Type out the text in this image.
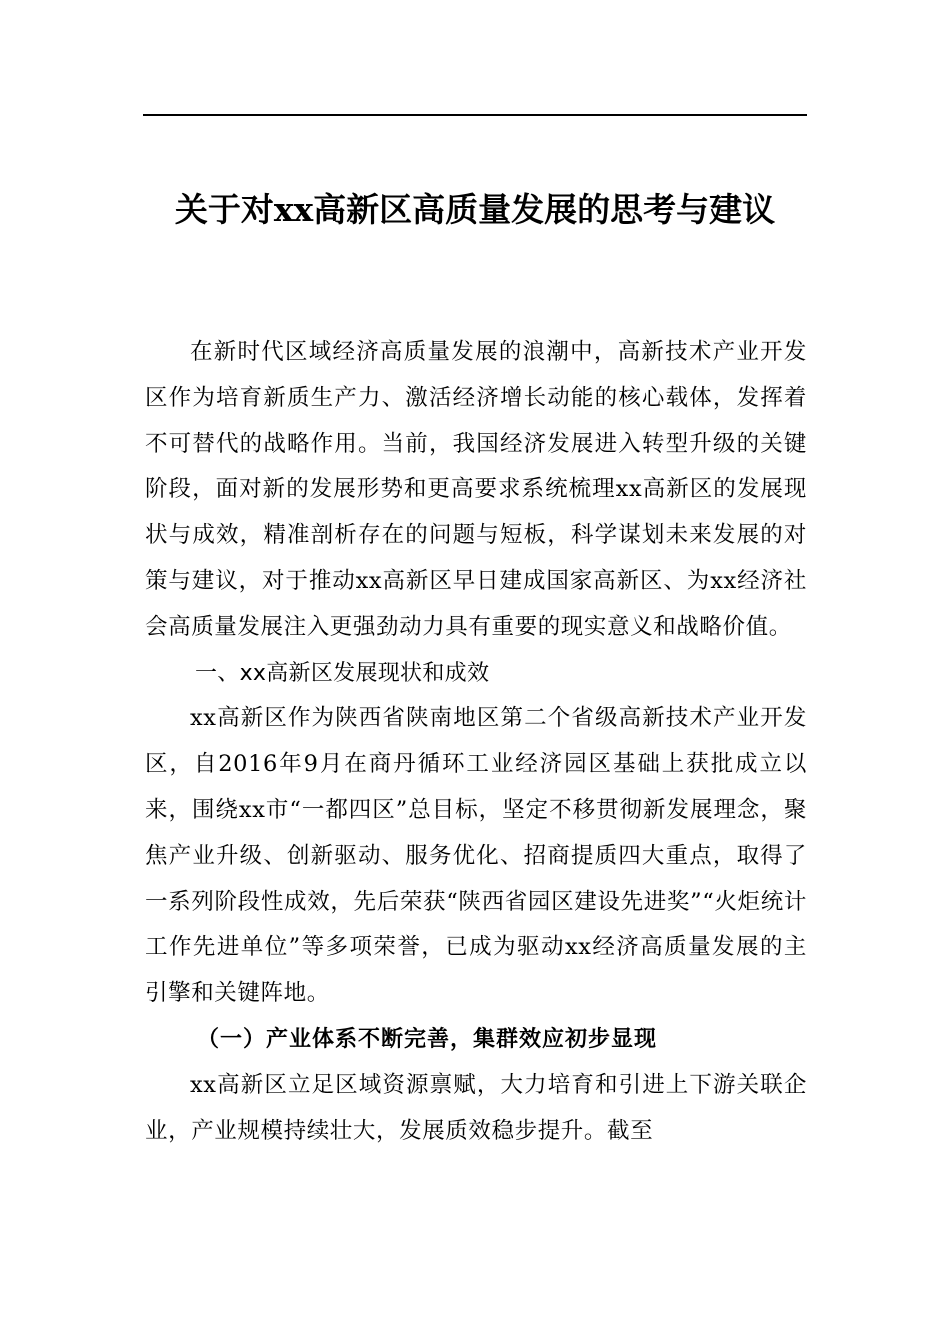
关于对xx高新区高质量发展的思考与建议

在新时代区域经济高质量发展的浪潮中，高新技术产业开发区作为培育新质生产力、激活经济增长动能的核心载体，发挥着不可替代的战略作用。当前，我国经济发展进入转型升级的关键阶段，面对新的发展形势和更高要求系统梳理xx高新区的发展现状与成效，精准剖析存在的问题与短板，科学谋划未来发展的对策与建议，对于推动xx高新区早日建成国家高新区、为xx经济社会高质量发展注入更强劲动力具有重要的现实意义和战略价值。

一、xx高新区发展现状和成效

xx高新区作为陕西省陕南地区第二个省级高新技术产业开发区，自2016年9月在商丹循环工业经济园区基础上获批成立以来，围绕xx市“一都四区”总目标，坚定不移贯彻新发展理念，聚焦产业升级、创新驱动、服务优化、招商提质四大重点，取得了一系列阶段性成效，先后荣获“陕西省园区建设先进奖”“火炬统计工作先进单位”等多项荣誉，已成为驱动xx经济高质量发展的主引擎和关键阵地。

（一）产业体系不断完善，集群效应初步显现

xx高新区立足区域资源禀赋，大力培育和引进上下游关联企业，产业规模持续壮大，发展质效稳步提升。截至
